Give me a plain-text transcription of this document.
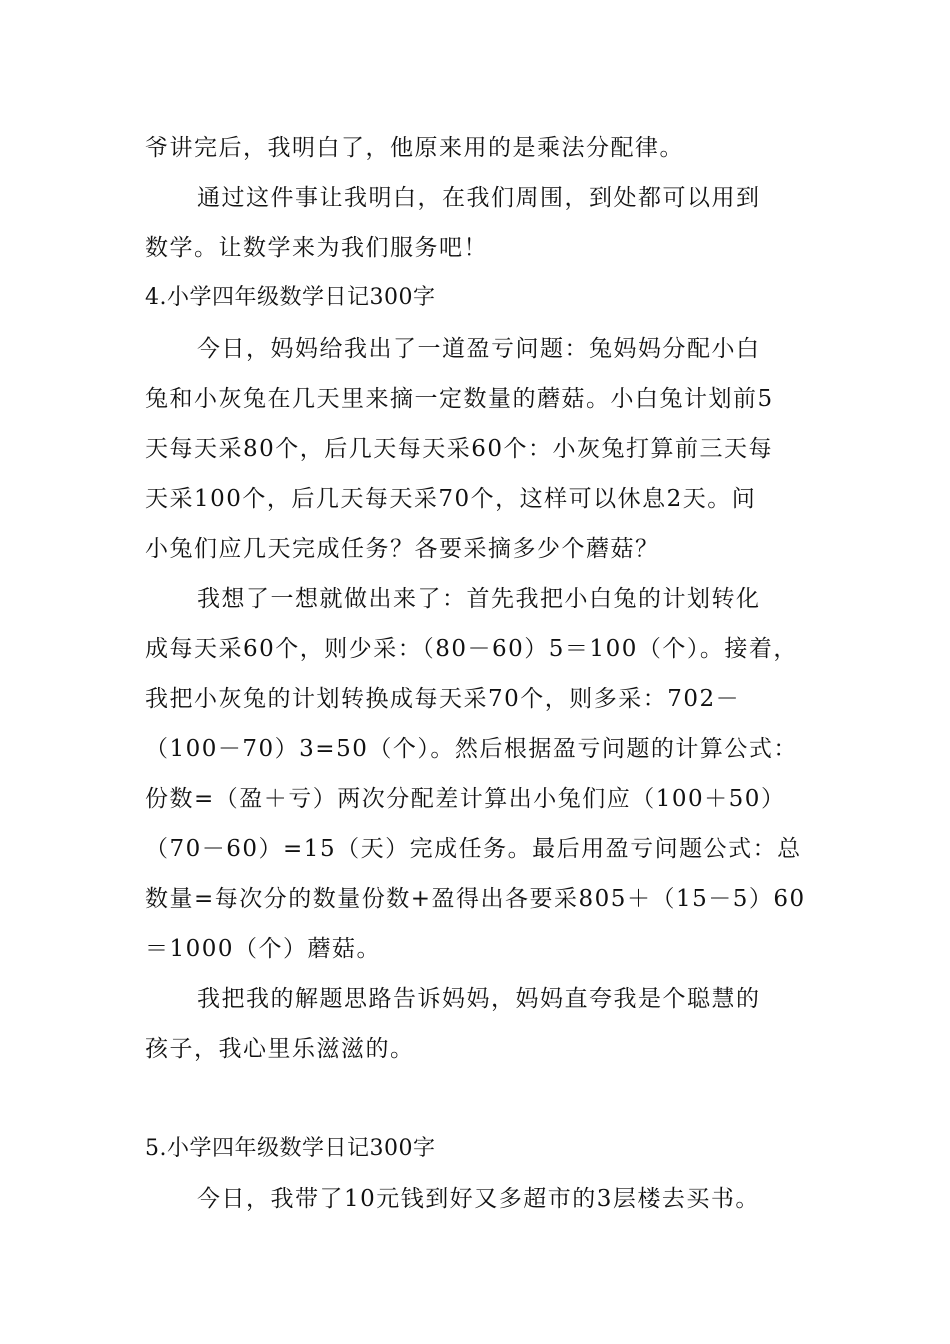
爷讲完后，我明白了，他原来用的是乘法分配律。
通过这件事让我明白，在我们周围，到处都可以用到
数学。让数学来为我们服务吧！
4.小学四年级数学日记300字
今日，妈妈给我出了一道盈亏问题：兔妈妈分配小白
兔和小灰兔在几天里来摘一定数量的蘑菇。小白兔计划前5
天每天采80个，后几天每天采60个：小灰兔打算前三天每
天采100个，后几天每天采70个，这样可以休息2天。问
小兔们应几天完成任务？各要采摘多少个蘑菇？
我想了一想就做出来了：首先我把小白兔的计划转化
成每天采60个，则少采：（80－60）5＝100（个）。接着，
我把小灰兔的计划转换成每天采70个，则多采：702－
（100－70）3=50（个）。然后根据盈亏问题的计算公式：
份数=（盈＋亏）两次分配差计算出小兔们应（100＋50）
（70－60）=15（天）完成任务。最后用盈亏问题公式：总
数量=每次分的数量份数+盈得出各要采805＋（15－5）60
＝1000（个）蘑菇。
我把我的解题思路告诉妈妈，妈妈直夸我是个聪慧的
孩子，我心里乐滋滋的。
5.小学四年级数学日记300字
今日，我带了10元钱到好又多超市的3层楼去买书。
